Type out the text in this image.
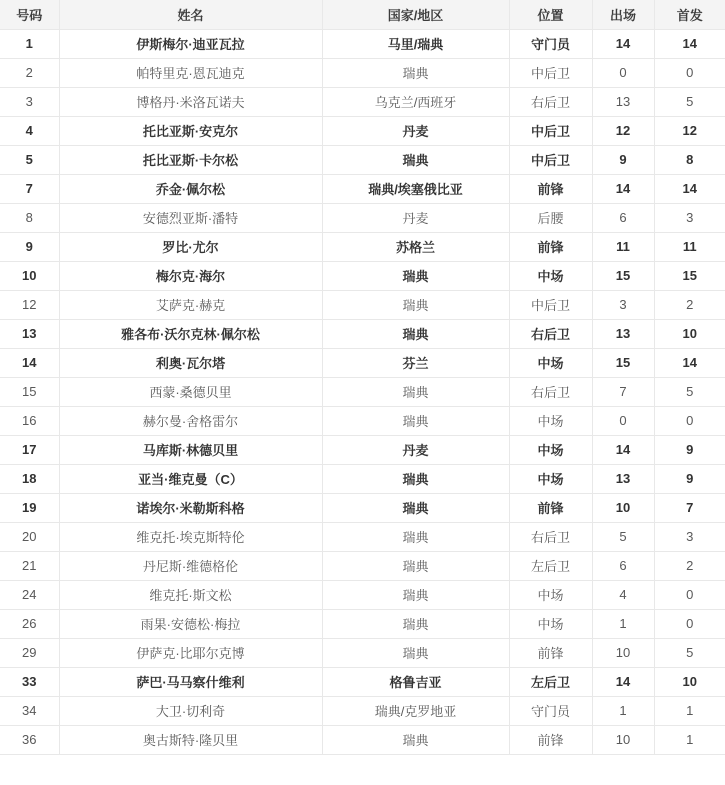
号码	姓名	国家/地区	位置	出场	首发
1	伊斯梅尔·迪亚瓦拉	马里/瑞典	守门员	14	14
2	帕特里克·恩瓦迪克	瑞典	中后卫	0	0
3	博格丹·米洛瓦诺夫	乌克兰/西班牙	右后卫	13	5
4	托比亚斯·安克尔	丹麦	中后卫	12	12
5	托比亚斯·卡尔松	瑞典	中后卫	9	8
7	乔金·佩尔松	瑞典/埃塞俄比亚	前锋	14	14
8	安德烈亚斯·潘特	丹麦	后腰	6	3
9	罗比·尤尔	苏格兰	前锋	11	11
10	梅尔克·海尔	瑞典	中场	15	15
12	艾萨克·赫克	瑞典	中后卫	3	2
13	雅各布·沃尔克林·佩尔松	瑞典	右后卫	13	10
14	利奥·瓦尔塔	芬兰	中场	15	14
15	西蒙·桑德贝里	瑞典	右后卫	7	5
16	赫尔曼·舍格雷尔	瑞典	中场	0	0
17	马库斯·林德贝里	丹麦	中场	14	9
18	亚当·维克曼（C）	瑞典	中场	13	9
19	诺埃尔·米勒斯科格	瑞典	前锋	10	7
20	维克托·埃克斯特伦	瑞典	右后卫	5	3
21	丹尼斯·维德格伦	瑞典	左后卫	6	2
24	维克托·斯文松	瑞典	中场	4	0
26	雨果·安德松·梅拉	瑞典	中场	1	0
29	伊萨克·比耶尔克博	瑞典	前锋	10	5
33	萨巴·马马察什维利	格鲁吉亚	左后卫	14	10
34	大卫·切利奇	瑞典/克罗地亚	守门员	1	1
36	奥古斯特·隆贝里	瑞典	前锋	10	1
